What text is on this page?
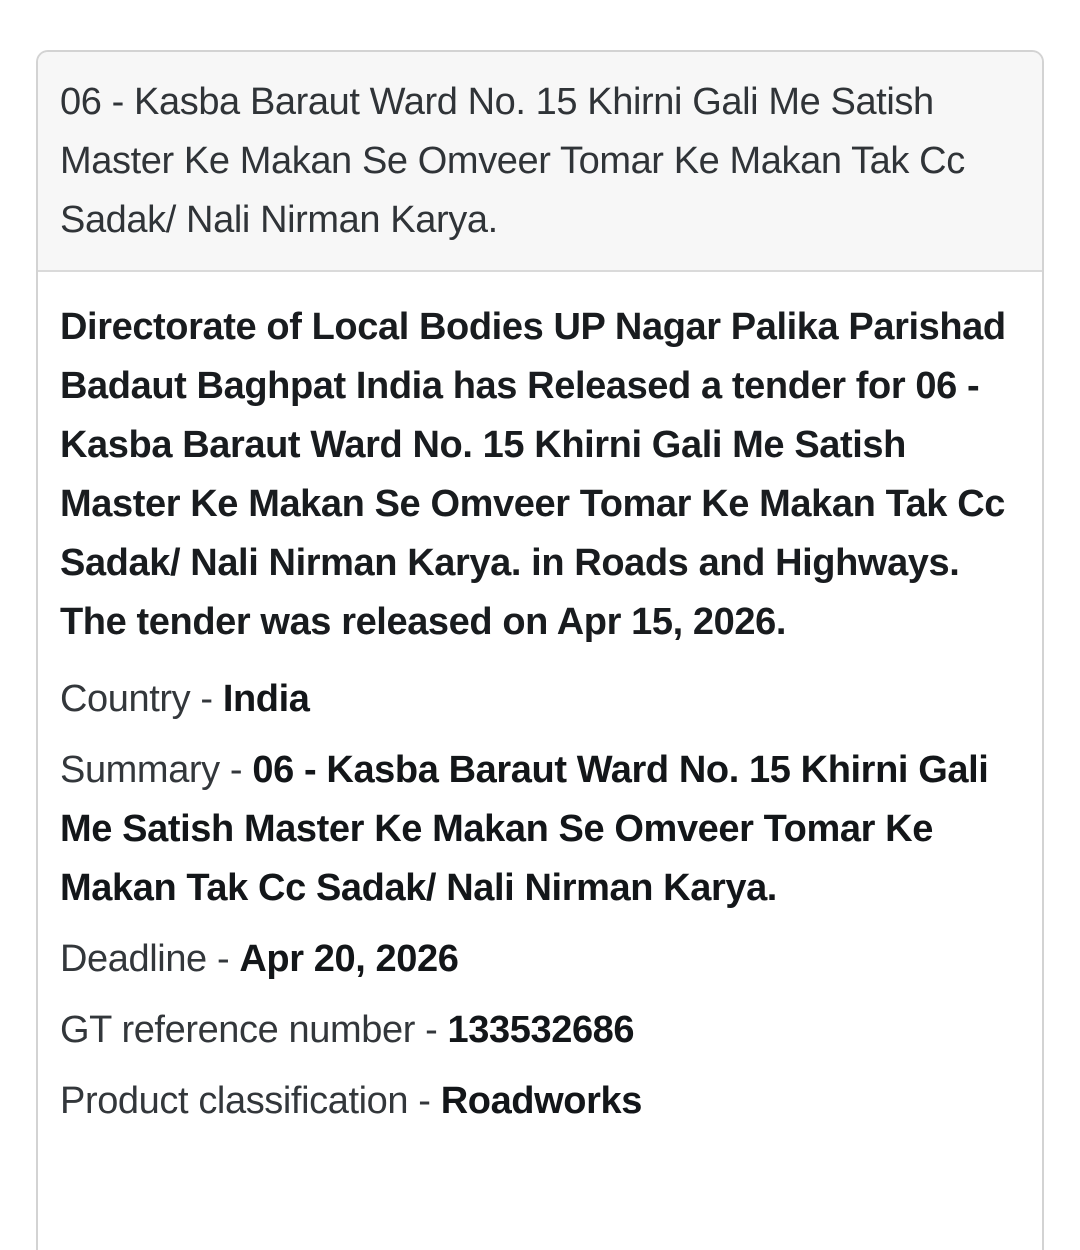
06 - Kasba Baraut Ward No. 15 Khirni Gali Me Satish Master Ke Makan Se Omveer Tomar Ke Makan Tak Cc Sadak/ Nali Nirman Karya.

Directorate of Local Bodies UP Nagar Palika Parishad Badaut Baghpat India has Released a tender for 06 - Kasba Baraut Ward No. 15 Khirni Gali Me Satish Master Ke Makan Se Omveer Tomar Ke Makan Tak Cc Sadak/ Nali Nirman Karya. in Roads and Highways. The tender was released on Apr 15, 2026.

Country - India

Summary - 06 - Kasba Baraut Ward No. 15 Khirni Gali Me Satish Master Ke Makan Se Omveer Tomar Ke Makan Tak Cc Sadak/ Nali Nirman Karya.

Deadline - Apr 20, 2026

GT reference number - 133532686

Product classification - Roadworks
